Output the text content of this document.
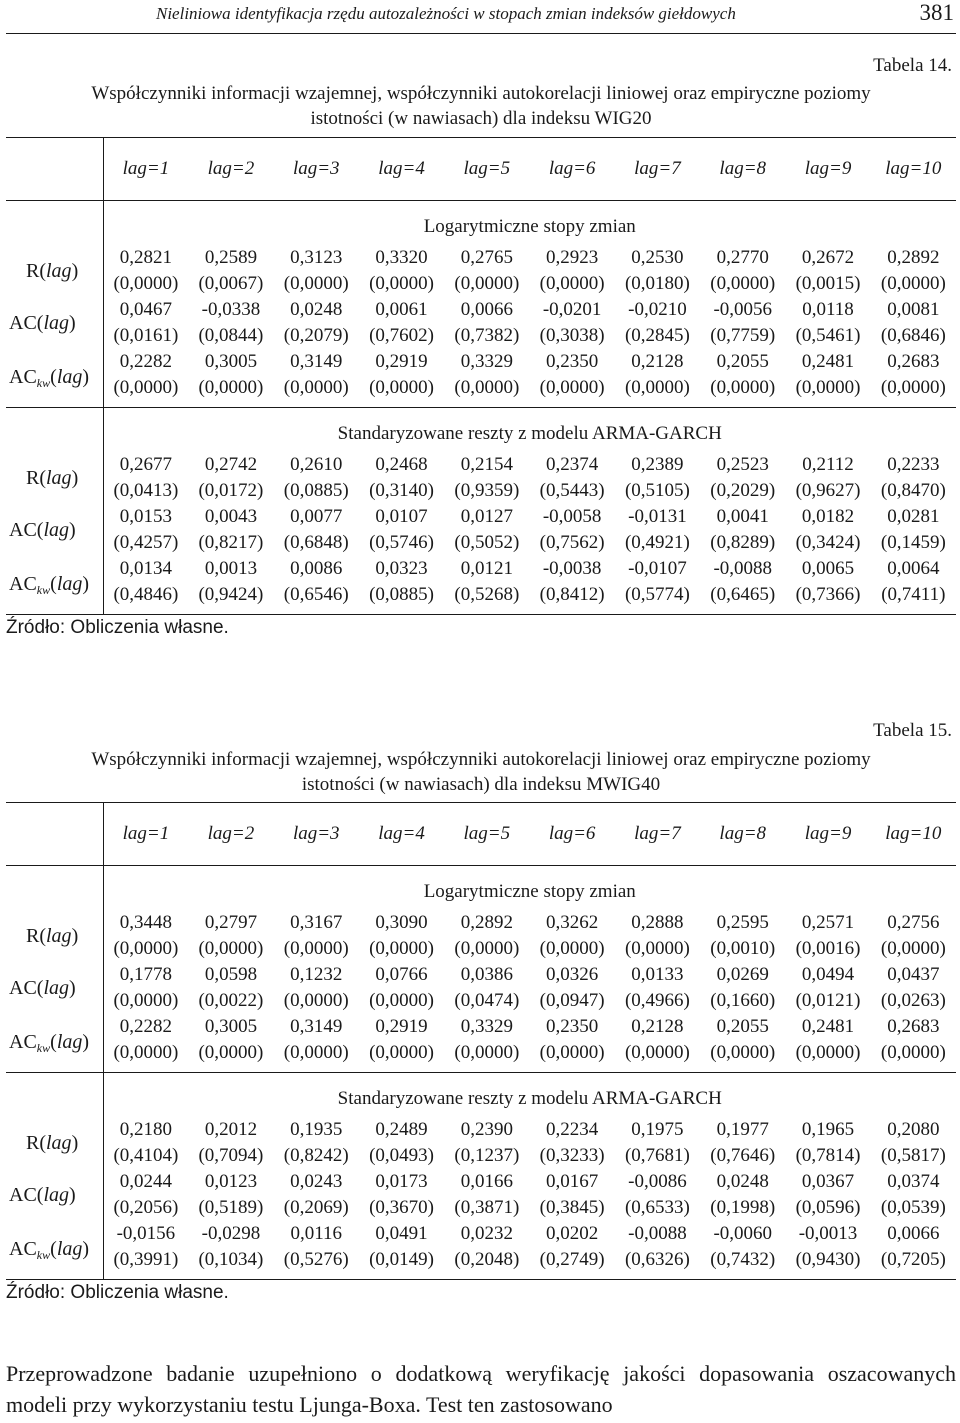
Nieliniowa identyfikacja rzędu autozależności w stopach zmian indeksów giełdowych	381
Tabela 14.
Współczynniki informacji wzajemnej, współczynniki autokorelacji liniowej oraz empiryczne poziomy
istotności (w nawiasach) dla indeksu WIG20
	lag=1	lag=2	lag=3	lag=4	lag=5	lag=6	lag=7	lag=8	lag=9	lag=10
	Logarytmiczne stopy zmian									
R(lag)	0,2821	0,2589	0,3123	0,3320	0,2765	0,2923	0,2530	0,2770	0,2672	0,2892
	(0,0000)	(0,0067)	(0,0000)	(0,0000)	(0,0000)	(0,0000)	(0,0180)	(0,0000)	(0,0015)	(0,0000)
AC(lag)	0,0467	-0,0338	0,0248	0,0061	0,0066	-0,0201	-0,0210	-0,0056	0,0118	0,0081
	(0,0161)	(0,0844)	(0,2079)	(0,7602)	(0,7382)	(0,3038)	(0,2845)	(0,7759)	(0,5461)	(0,6846)
$AC_{kw}(lag)$	0,2282	0,3005	0,3149	0,2919	0,3329	0,2350	0,2128	0,2055	0,2481	0,2683
	(0,0000)	(0,0000)	(0,0000)	(0,0000)	(0,0000)	(0,0000)	(0,0000)	(0,0000)	(0,0000)	(0,0000)
	Standaryzowane reszty z modelu ARMA-GARCH									
R(lag)	0,2677	0,2742	0,2610	0,2468	0,2154	0,2374	0,2389	0,2523	0,2112	0,2233
	(0,0413)	(0,0172)	(0,0885)	(0,3140)	(0,9359)	(0,5443)	(0,5105)	(0,2029)	(0,9627)	(0,8470)
AC(lag)	0,0153	0,0043	0,0077	0,0107	0,0127	-0,0058	-0,0131	0,0041	0,0182	0,0281
	(0,4257)	(0,8217)	(0,6848)	(0,5746)	(0,5052)	(0,7562)	(0,4921)	(0,8289)	(0,3424)	(0,1459)
$AC_{kw}(lag)$	0,0134	0,0013	0,0086	0,0323	0,0121	-0,0038	-0,0107	-0,0088	0,0065	0,0064
	(0,4846)	(0,9424)	(0,6546)	(0,0885)	(0,5268)	(0,8412)	(0,5774)	(0,6465)	(0,7366)	(0,7411)
Źródło: Obliczenia własne.
Tabela 15.
Współczynniki informacji wzajemnej, współczynniki autokorelacji liniowej oraz empiryczne poziomy
istotności (w nawiasach) dla indeksu MWIG40
	lag=1	lag=2	lag=3	lag=4	lag=5	lag=6	lag=7	lag=8	lag=9	lag=10
	Logarytmiczne stopy zmian									
R(lag)	0,3448	0,2797	0,3167	0,3090	0,2892	0,3262	0,2888	0,2595	0,2571	0,2756
	(0,0000)	(0,0000)	(0,0000)	(0,0000)	(0,0000)	(0,0000)	(0,0000)	(0,0010)	(0,0016)	(0,0000)
AC(lag)	0,1778	0,0598	0,1232	0,0766	0,0386	0,0326	0,0133	0,0269	0,0494	0,0437
	(0,0000)	(0,0022)	(0,0000)	(0,0000)	(0,0474)	(0,0947)	(0,4966)	(0,1660)	(0,0121)	(0,0263)
$AC_{kw}(lag)$	0,2282	0,3005	0,3149	0,2919	0,3329	0,2350	0,2128	0,2055	0,2481	0,2683
	(0,0000)	(0,0000)	(0,0000)	(0,0000)	(0,0000)	(0,0000)	(0,0000)	(0,0000)	(0,0000)	(0,0000)
	Standaryzowane reszty z modelu ARMA-GARCH									
R(lag)	0,2180	0,2012	0,1935	0,2489	0,2390	0,2234	0,1975	0,1977	0,1965	0,2080
	(0,4104)	(0,7094)	(0,8242)	(0,0493)	(0,1237)	(0,3233)	(0,7681)	(0,7646)	(0,7814)	(0,5817)
AC(lag)	0,0244	0,0123	0,0243	0,0173	0,0166	0,0167	-0,0086	0,0248	0,0367	0,0374
	(0,2056)	(0,5189)	(0,2069)	(0,3670)	(0,3871)	(0,3845)	(0,6533)	(0,1998)	(0,0596)	(0,0539)
$AC_{kw}(lag)$	-0,0156	-0,0298	0,0116	0,0491	0,0232	0,0202	-0,0088	-0,0060	-0,0013	0,0066
	(0,3991)	(0,1034)	(0,5276)	(0,0149)	(0,2048)	(0,2749)	(0,6326)	(0,7432)	(0,9430)	(0,7205)
Źródło: Obliczenia własne.
Przeprowadzone badanie uzupełniono o dodatkową weryfikację jakości dopasowania oszacowanych modeli przy wykorzystaniu testu Ljunga-Boxa. Test ten zastosowano
